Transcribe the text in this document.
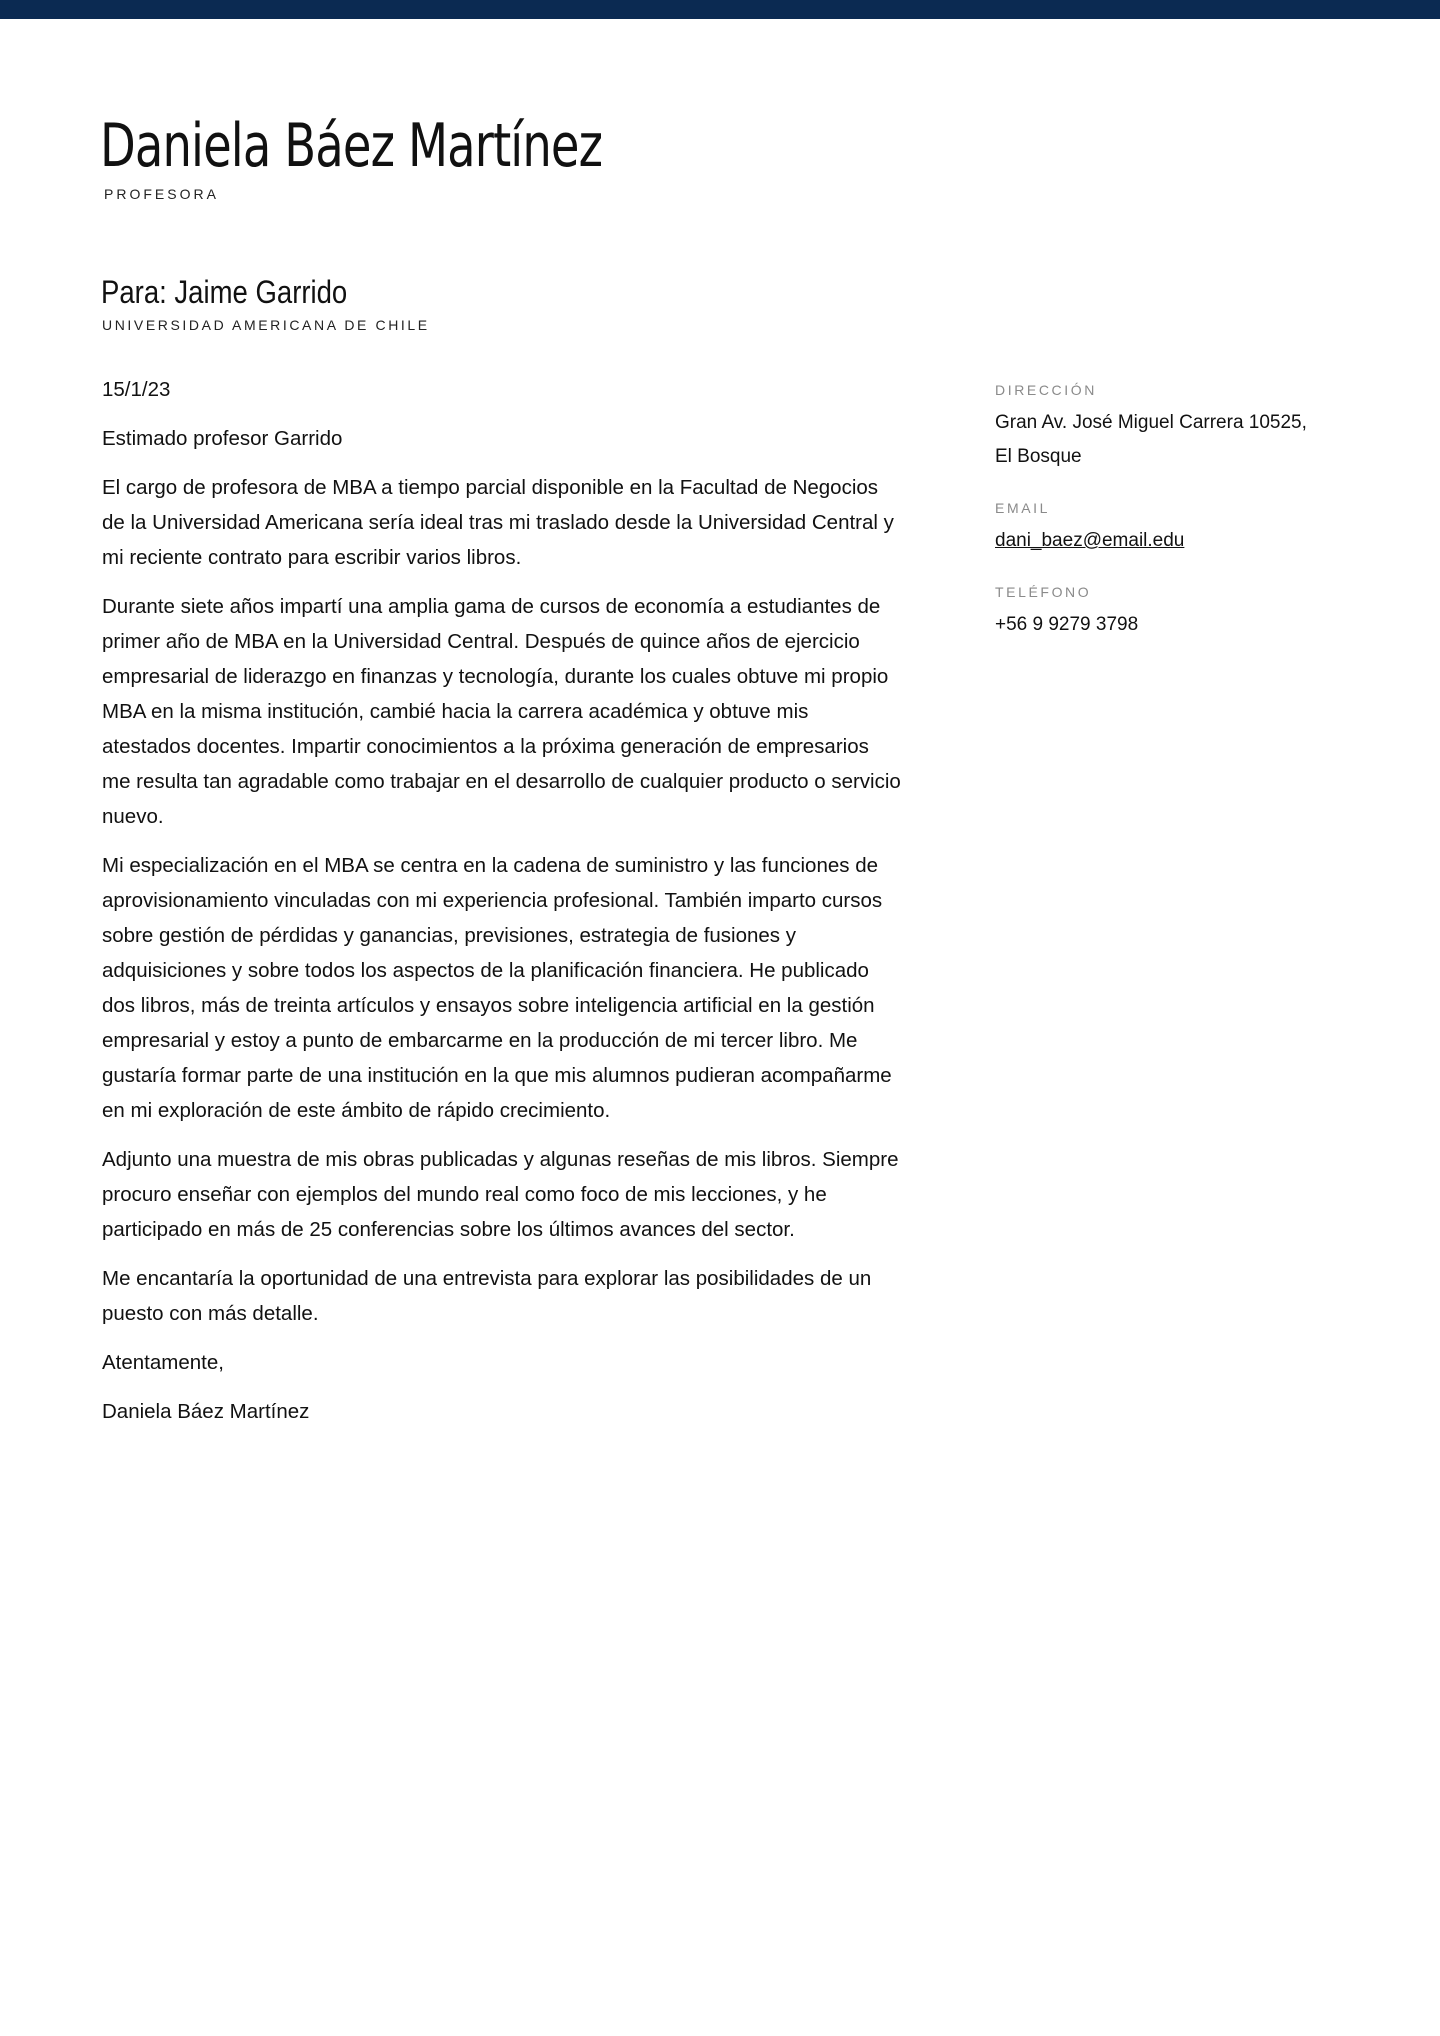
Daniela Báez Martínez
PROFESORA
Para: Jaime Garrido
UNIVERSIDAD AMERICANA DE CHILE

15/1/23

Estimado profesor Garrido

El cargo de profesora de MBA a tiempo parcial disponible en la Facultad de Negocios de la Universidad Americana sería ideal tras mi traslado desde la Universidad Central y mi reciente contrato para escribir varios libros.

Durante siete años impartí una amplia gama de cursos de economía a estudiantes de primer año de MBA en la Universidad Central. Después de quince años de ejercicio empresarial de liderazgo en finanzas y tecnología, durante los cuales obtuve mi propio MBA en la misma institución, cambié hacia la carrera académica y obtuve mis atestados docentes. Impartir conocimientos a la próxima generación de empresarios me resulta tan agradable como trabajar en el desarrollo de cualquier producto o servicio nuevo.

Mi especialización en el MBA se centra en la cadena de suministro y las funciones de aprovisionamiento vinculadas con mi experiencia profesional. También imparto cursos sobre gestión de pérdidas y ganancias, previsiones, estrategia de fusiones y adquisiciones y sobre todos los aspectos de la planificación financiera. He publicado dos libros, más de treinta artículos y ensayos sobre inteligencia artificial en la gestión empresarial y estoy a punto de embarcarme en la producción de mi tercer libro. Me gustaría formar parte de una institución en la que mis alumnos pudieran acompañarme en mi exploración de este ámbito de rápido crecimiento.

Adjunto una muestra de mis obras publicadas y algunas reseñas de mis libros. Siempre procuro enseñar con ejemplos del mundo real como foco de mis lecciones, y he participado en más de 25 conferencias sobre los últimos avances del sector.

Me encantaría la oportunidad de una entrevista para explorar las posibilidades de un puesto con más detalle.

Atentamente,

Daniela Báez Martínez

DIRECCIÓN
Gran Av. José Miguel Carrera 10525,
El Bosque
EMAIL
dani_baez@email.edu
TELÉFONO
+56 9 9279 3798
